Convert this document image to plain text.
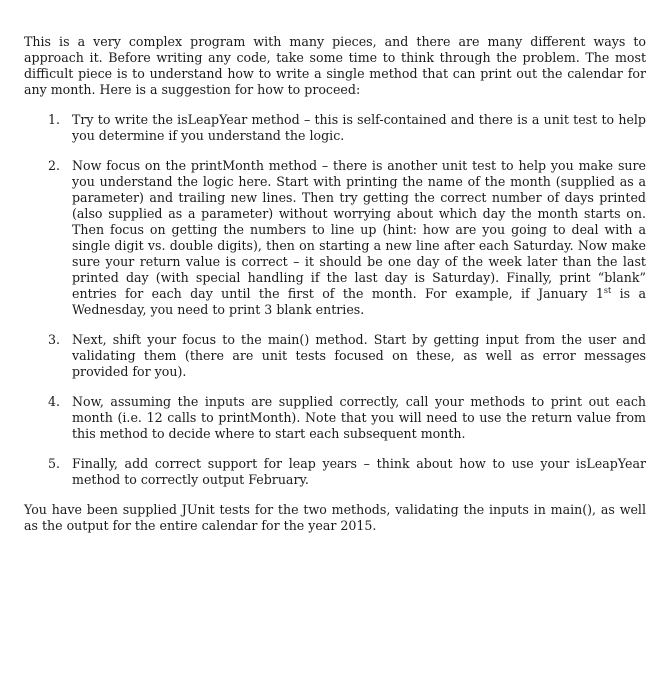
This is a very complex program with many pieces, and there are many different ways to approach it. Before writing any code, take some time to think through the problem. The most difficult piece is to understand how to write a single method that can print out the calendar for any month. Here is a suggestion for how to proceed:

1. Try to write the isLeapYear method – this is self-contained and there is a unit test to help you determine if you understand the logic.
2. Now focus on the printMonth method – there is another unit test to help you make sure you understand the logic here. Start with printing the name of the month (supplied as a parameter) and trailing new lines. Then try getting the correct number of days printed (also supplied as a parameter) without worrying about which day the month starts on. Then focus on getting the numbers to line up (hint: how are you going to deal with a single digit vs. double digits), then on starting a new line after each Saturday. Now make sure your return value is correct – it should be one day of the week later than the last printed day (with special handling if the last day is Saturday). Finally, print “blank” entries for each day until the first of the month. For example, if January 1st is a Wednesday, you need to print 3 blank entries.
3. Next, shift your focus to the main() method. Start by getting input from the user and validating them (there are unit tests focused on these, as well as error messages provided for you).
4. Now, assuming the inputs are supplied correctly, call your methods to print out each month (i.e. 12 calls to printMonth). Note that you will need to use the return value from this method to decide where to start each subsequent month.
5. Finally, add correct support for leap years – think about how to use your isLeapYear method to correctly output February.

You have been supplied JUnit tests for the two methods, validating the inputs in main(), as well as the output for the entire calendar for the year 2015.
